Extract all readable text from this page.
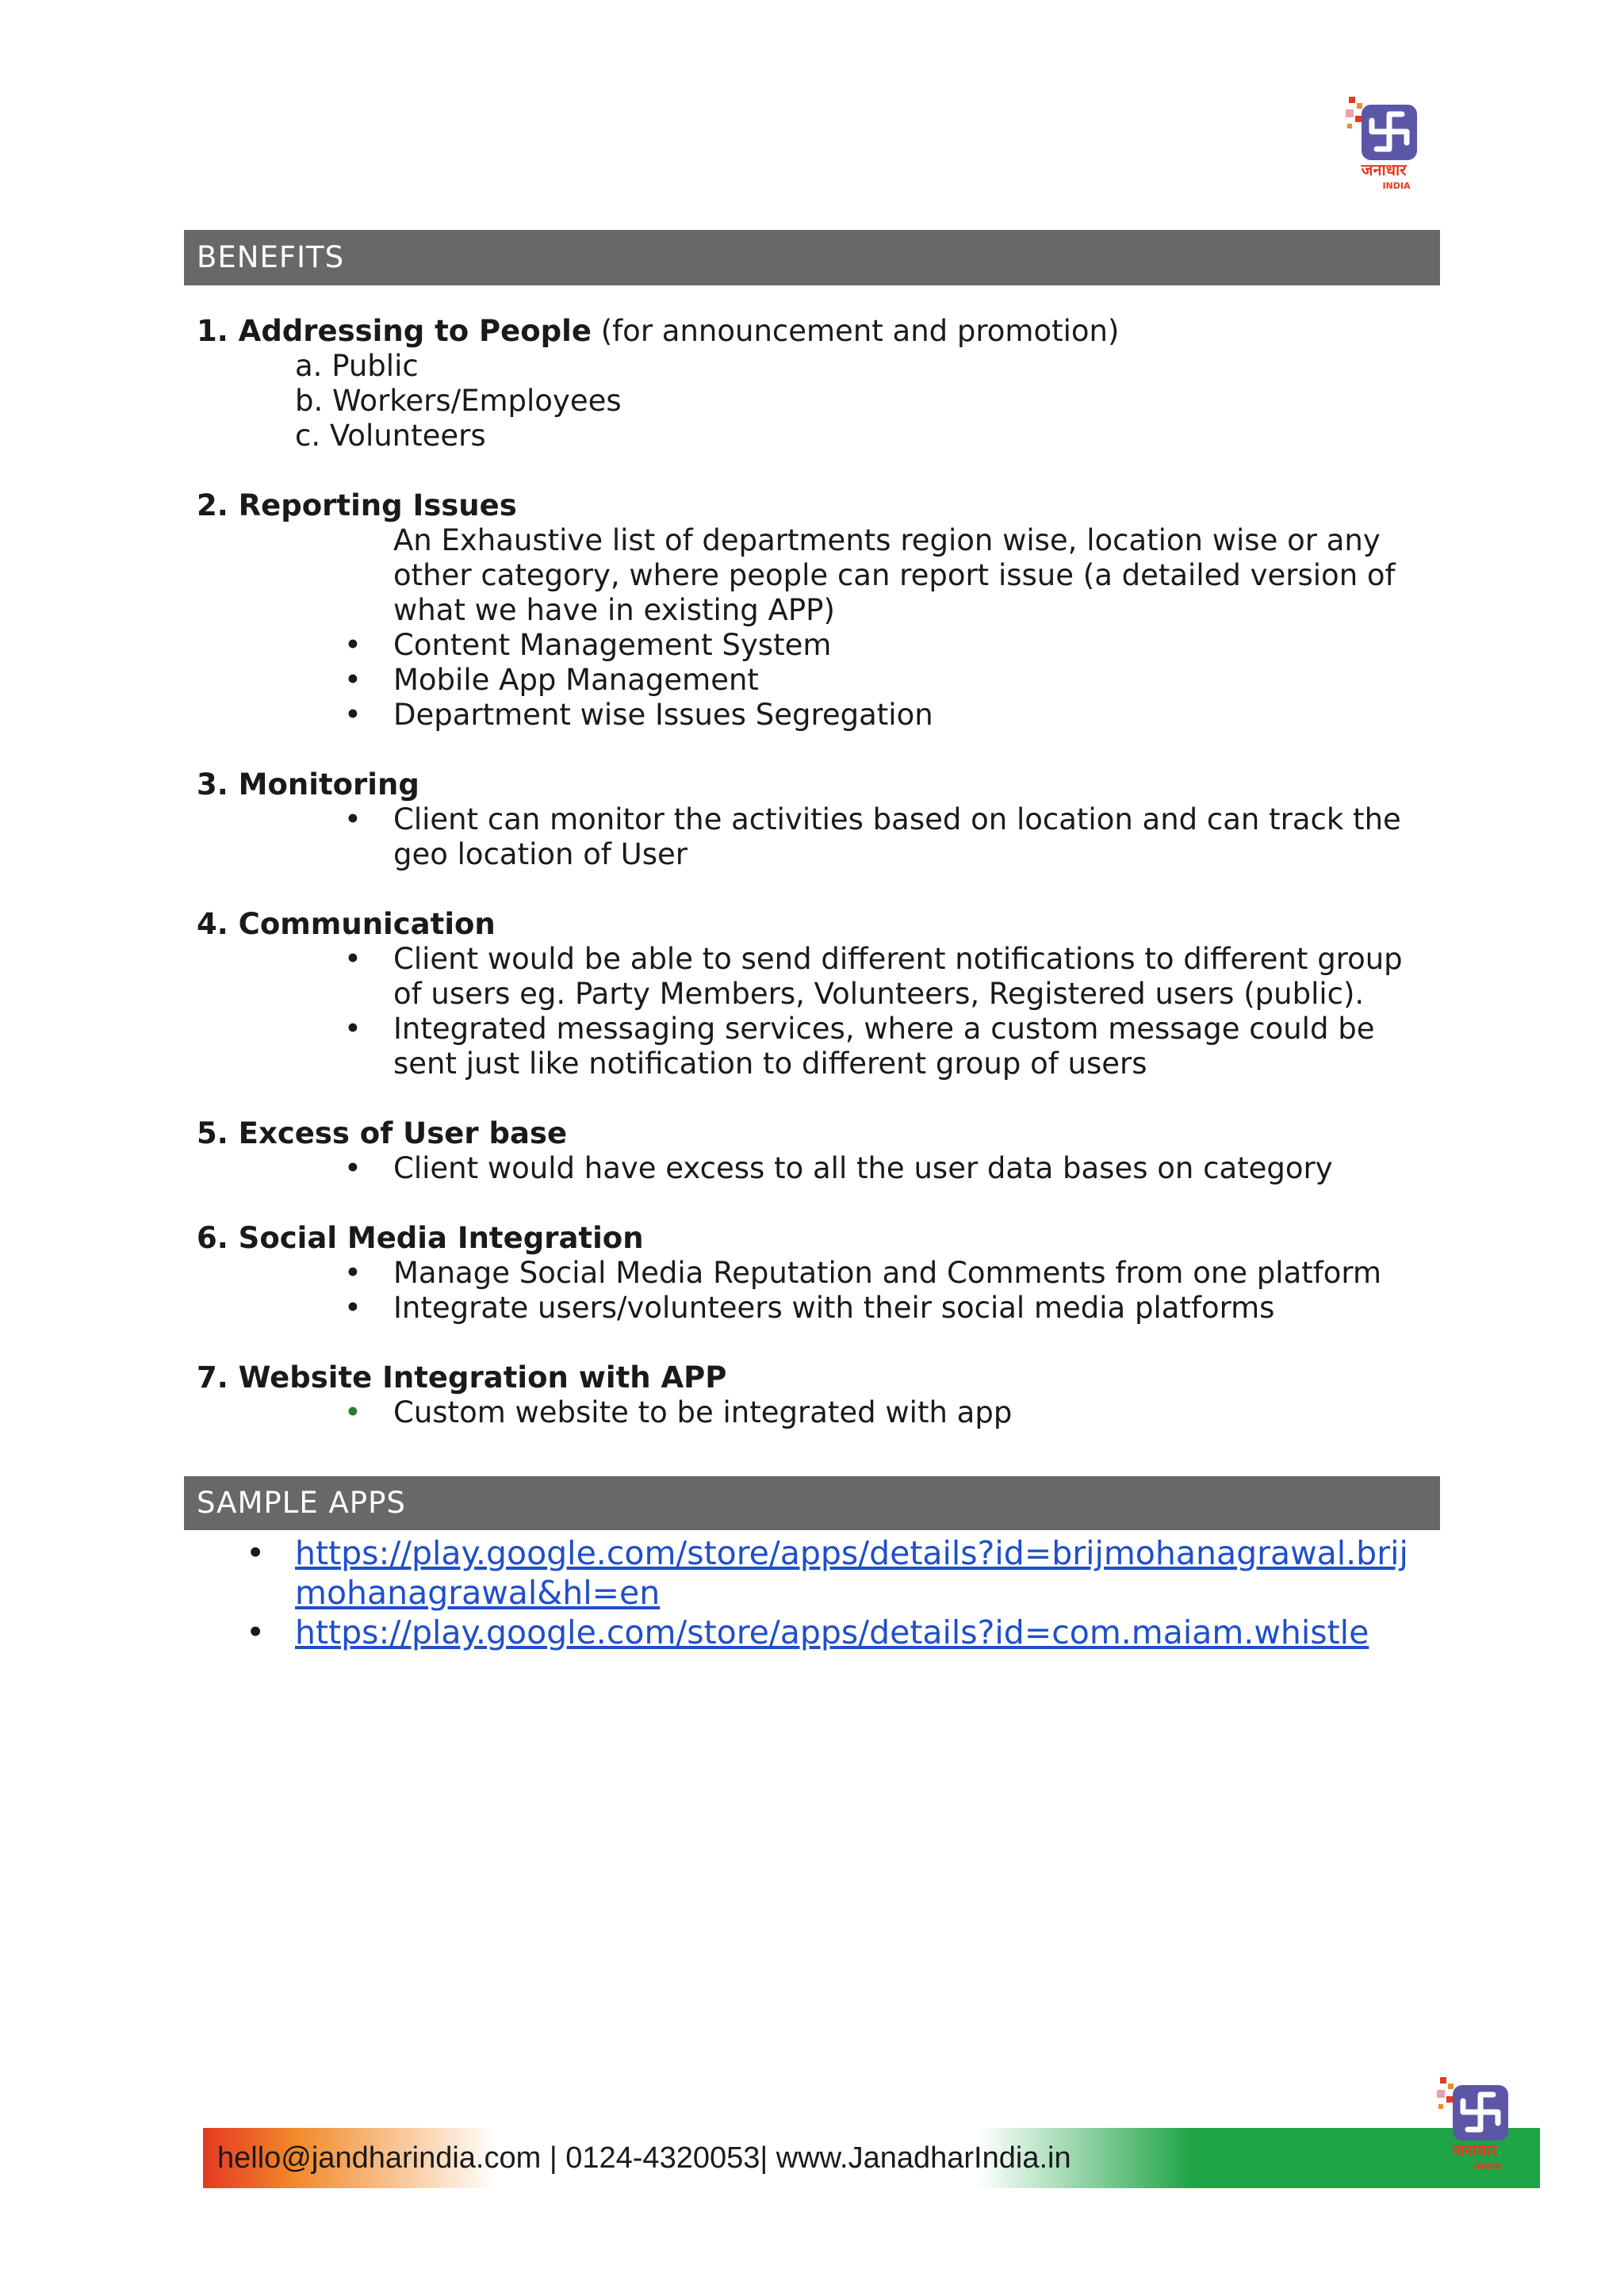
जनाधार
INDIA
BENEFITS

1. Addressing to People (for announcement and promotion)

a. Public
b. Workers/Employees
c. Volunteers

2. Reporting Issues

An Exhaustive list of departments region wise, location wise or any other category, where people can report issue (a detailed version of what we have in existing APP)

• Content Management System
• Mobile App Management
• Department wise Issues Segregation

3. Monitoring

• Client can monitor the activities based on location and can track the geo location of User

4. Communication

• Client would be able to send different notifications to different group of users eg. Party Members, Volunteers, Registered users (public).
• Integrated messaging services, where a custom message could be sent just like notification to different group of users

5. Excess of User base

• Client would have excess to all the user data bases on category

6. Social Media Integration

• Manage Social Media Reputation and Comments from one platform
• Integrate users/volunteers with their social media platforms

7. Website Integration with APP

• Custom website to be integrated with app
SAMPLE APPS
• https://play.google.com/store/apps/details?id=brijmohanagrawal.brijmohanagrawal&hl=en
• https://play.google.com/store/apps/details?id=com.maiam.whistle
hello@jandharindia.com | 0124-4320053| www.JanadharIndia.in	जनाधार
INDIA
